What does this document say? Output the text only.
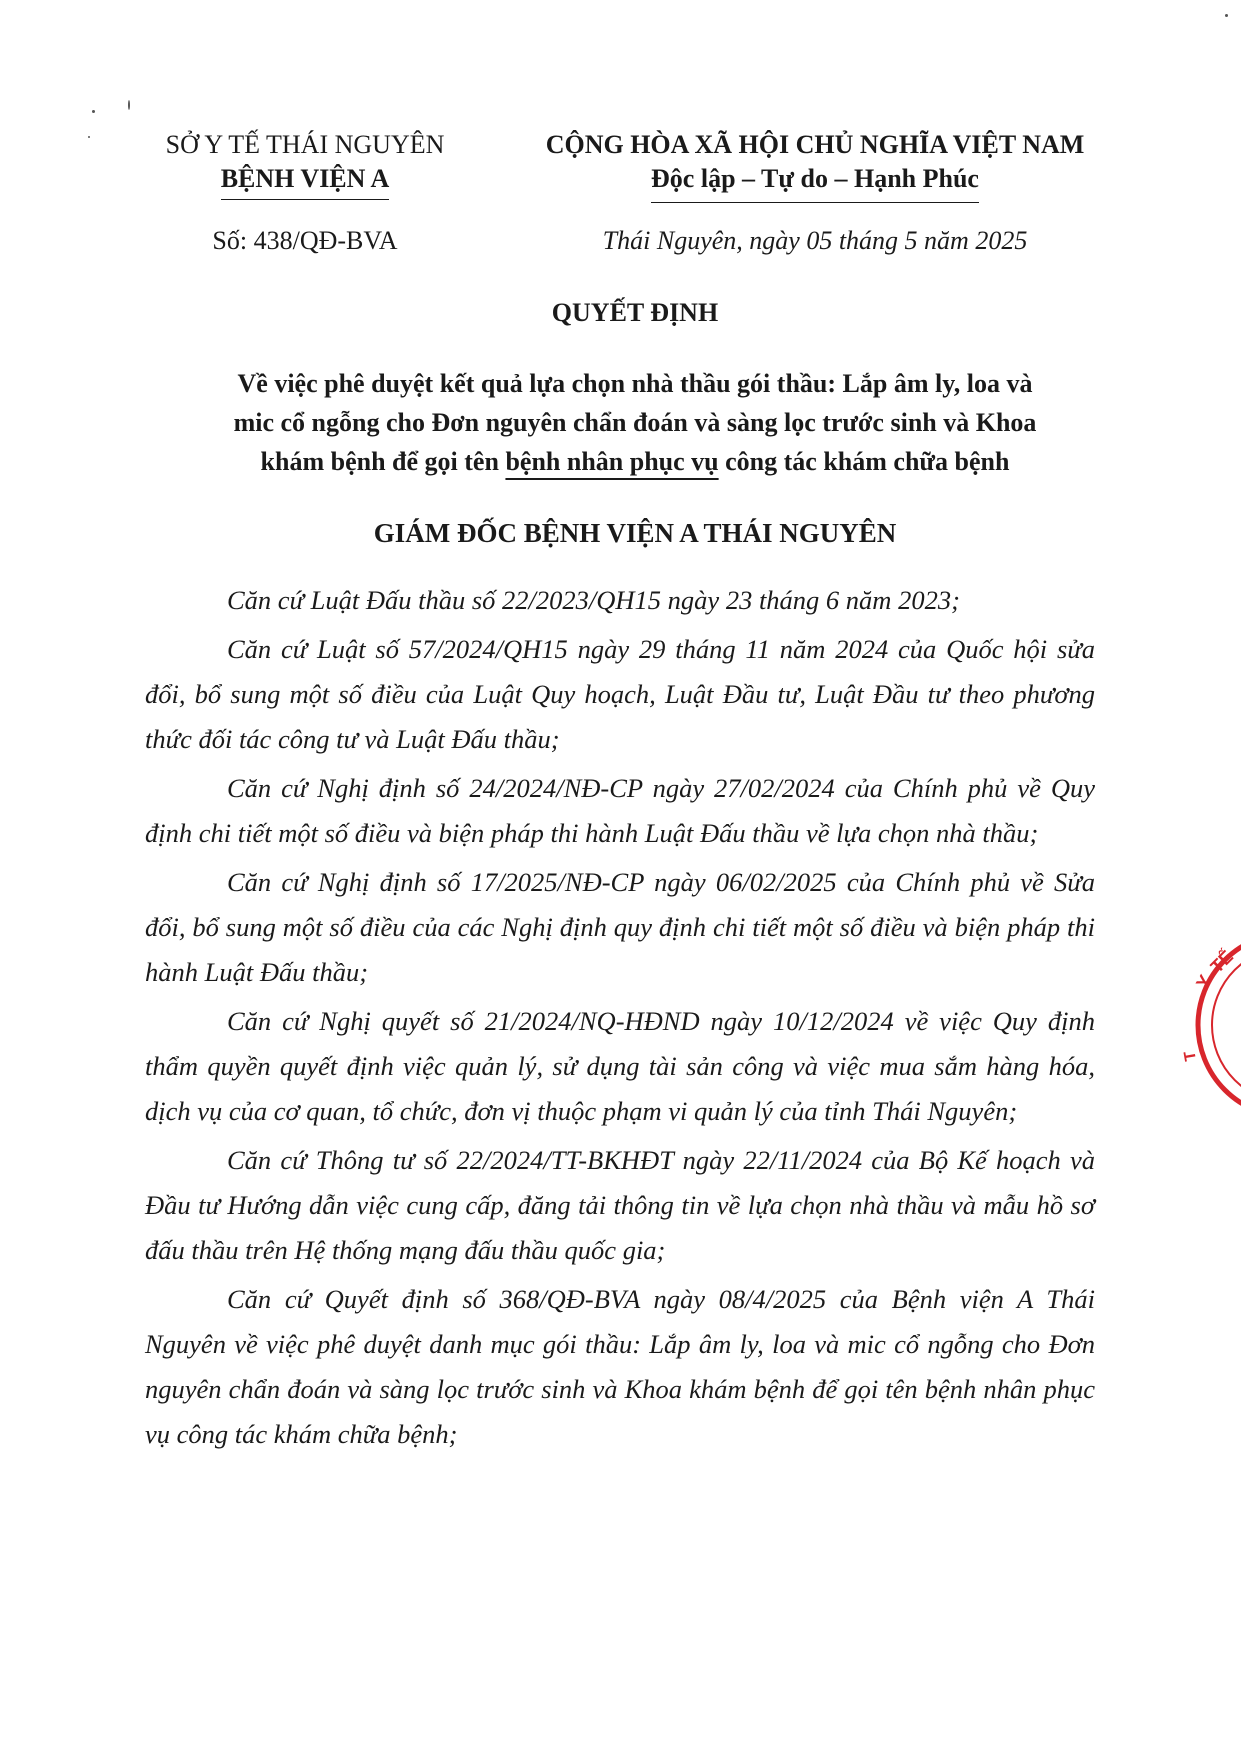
SỞ Y TẾ THÁI NGUYÊN
BỆNH VIỆN A
CỘNG HÒA XÃ HỘI CHỦ NGHĨA VIỆT NAM
Độc lập – Tự do – Hạnh Phúc
Số: 438/QĐ-BVA	Thái Nguyên, ngày 05 tháng 5 năm 2025
QUYẾT ĐỊNH
Về việc phê duyệt kết quả lựa chọn nhà thầu gói thầu: Lắp âm ly, loa và
mic cổ ngỗng cho Đơn nguyên chẩn đoán và sàng lọc trước sinh và Khoa
khám bệnh để gọi tên bệnh nhân phục vụ công tác khám chữa bệnh
GIÁM ĐỐC BỆNH VIỆN A THÁI NGUYÊN

Căn cứ Luật Đấu thầu số 22/2023/QH15 ngày 23 tháng 6 năm 2023;

Căn cứ Luật số 57/2024/QH15 ngày 29 tháng 11 năm 2024 của Quốc hội sửa đổi, bổ sung một số điều của Luật Quy hoạch, Luật Đầu tư, Luật Đầu tư theo phương thức đối tác công tư và Luật Đấu thầu;

Căn cứ Nghị định số 24/2024/NĐ-CP ngày 27/02/2024 của Chính phủ về Quy định chi tiết một số điều và biện pháp thi hành Luật Đấu thầu về lựa chọn nhà thầu;

Căn cứ Nghị định số 17/2025/NĐ-CP ngày 06/02/2025 của Chính phủ về Sửa đổi, bổ sung một số điều của các Nghị định quy định chi tiết một số điều và biện pháp thi hành Luật Đấu thầu;

Căn cứ Nghị quyết số 21/2024/NQ-HĐND ngày 10/12/2024 về việc Quy định thẩm quyền quyết định việc quản lý, sử dụng tài sản công và việc mua sắm hàng hóa, dịch vụ của cơ quan, tổ chức, đơn vị thuộc phạm vi quản lý của tỉnh Thái Nguyên;

Căn cứ Thông tư số 22/2024/TT-BKHĐT ngày 22/11/2024 của Bộ Kế hoạch và Đầu tư Hướng dẫn việc cung cấp, đăng tải thông tin về lựa chọn nhà thầu và mẫu hồ sơ đấu thầu trên Hệ thống mạng đấu thầu quốc gia;

Căn cứ Quyết định số 368/QĐ-BVA ngày 08/4/2025 của Bệnh viện A Thái Nguyên về việc phê duyệt danh mục gói thầu: Lắp âm ly, loa và mic cổ ngỗng cho Đơn nguyên chẩn đoán và sàng lọc trước sinh và Khoa khám bệnh để gọi tên bệnh nhân phục vụ công tác khám chữa bệnh;

Y
TẾ
T
